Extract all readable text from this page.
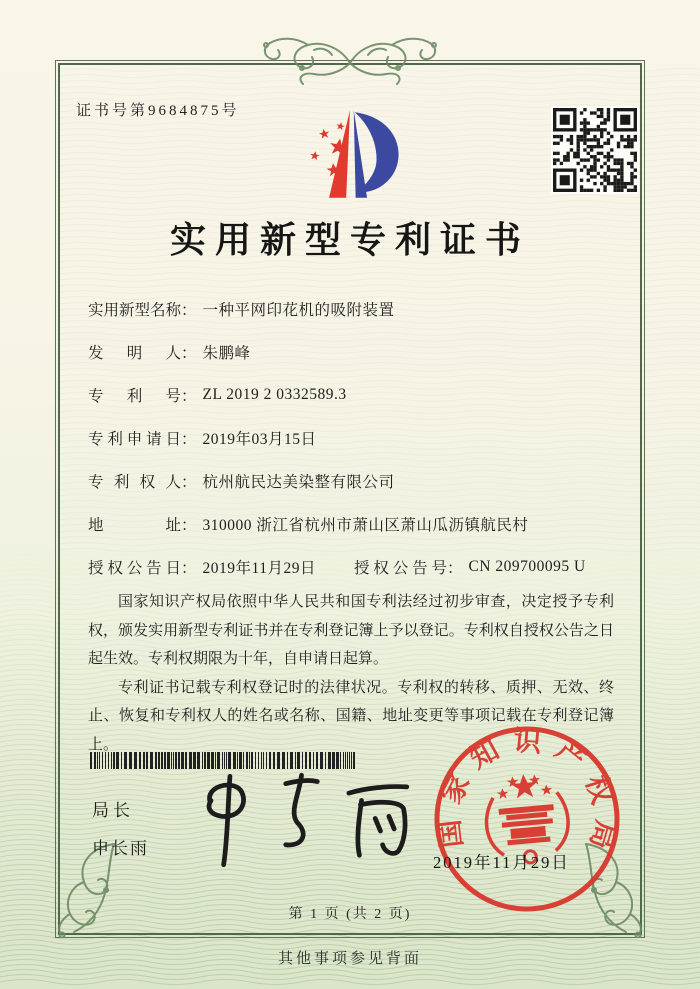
证书号第9684875号
实用新型专利证书
实用新型名称 ： 一种平网印花机的吸附装置
发明人 ： 朱鹏峰
专利号 ： ZL 2019 2 0332589.3
专利申请日 ： 2019年03月15日
专利权人 ： 杭州航民达美染整有限公司
地址 ： 310000 浙江省杭州市萧山区萧山瓜沥镇航民村
授权公告日 ： 2019年11月29日 授权公告号 ： CN 209700095 U

国家知识产权局依照中华人民共和国专利法经过初步审查，决定授予专利权，颁发实用新型专利证书并在专利登记簿上予以登记。专利权自授权公告之日起生效。专利权期限为十年，自申请日起算。

专利证书记载专利权登记时的法律状况。专利权的转移、质押、无效、终止、恢复和专利权人的姓名或名称、国籍、地址变更等事项记载在专利登记簿上。

局长
申长雨	国家知识产权局
2019年11月29日
第 1 页 (共 2 页)
其他事项参见背面
